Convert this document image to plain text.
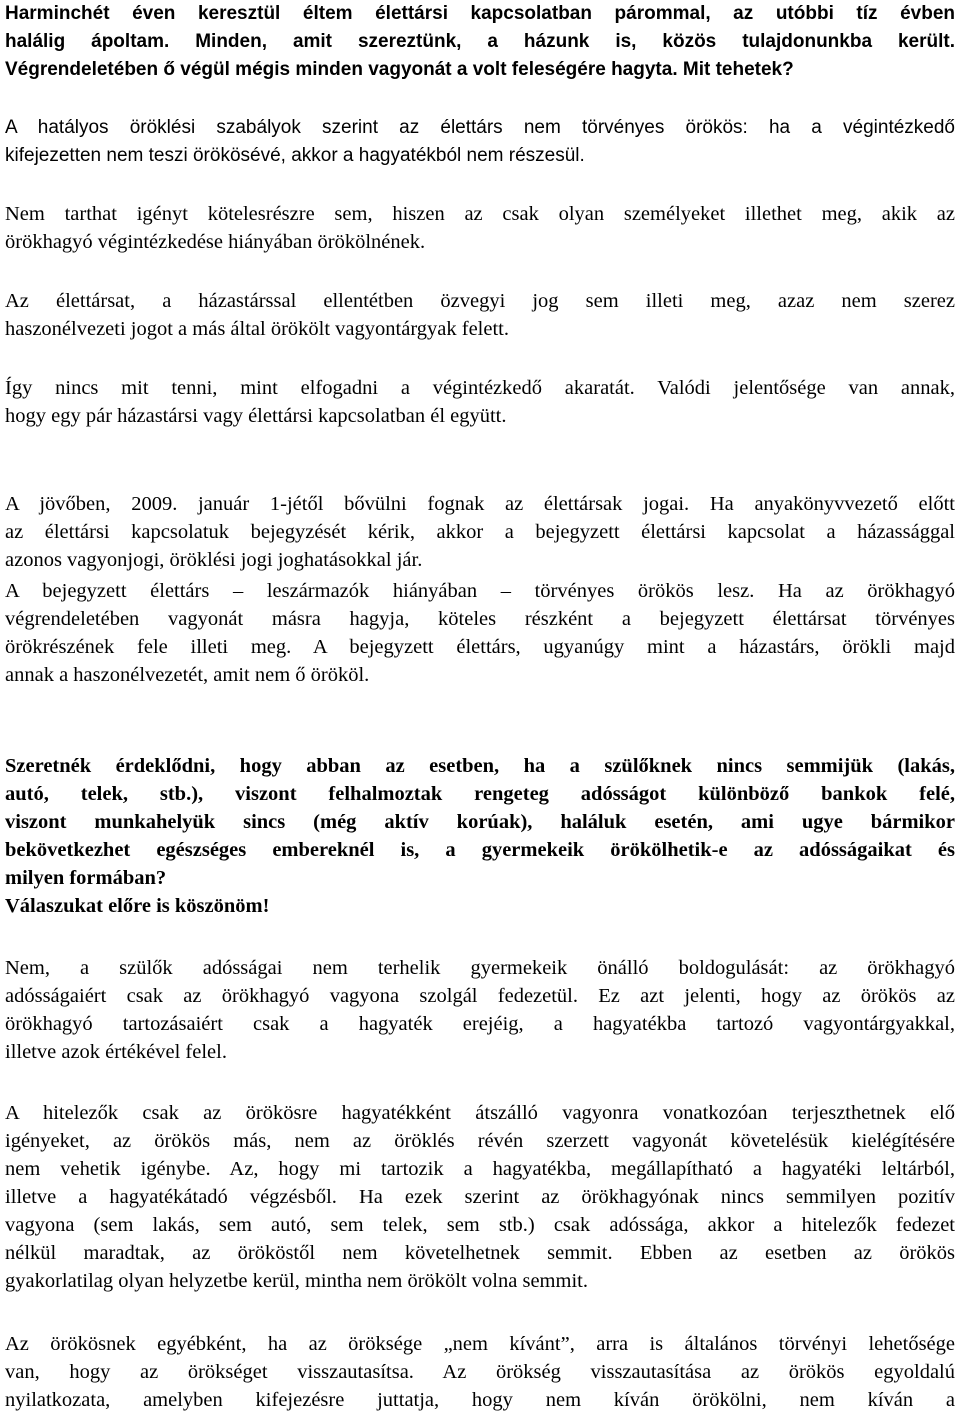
Harminchét éven keresztül éltem élettársi kapcsolatban párommal, az utóbbi tíz évben
halálig ápoltam. Minden, amit szereztünk, a házunk is, közös tulajdonunkba került.
Végrendeletében ő végül mégis minden vagyonát a volt feleségére hagyta. Mit tehetek?
A hatályos öröklési szabályok szerint az élettárs nem törvényes örökös: ha a végintézkedő
kifejezetten nem teszi örökösévé, akkor a hagyatékból nem részesül.
Nem tarthat igényt kötelesrészre sem, hiszen az csak olyan személyeket illethet meg, akik az
örökhagyó végintézkedése hiányában örökölnének.
Az élettársat, a házastárssal ellentétben özvegyi jog sem illeti meg, azaz nem szerez
haszonélvezeti jogot a más által örökölt vagyontárgyak felett.
Így nincs mit tenni, mint elfogadni a végintézkedő akaratát. Valódi jelentősége van annak,
hogy egy pár házastársi vagy élettársi kapcsolatban él együtt.
A jövőben, 2009. január 1-jétől bővülni fognak az élettársak jogai. Ha anyakönyvvezető előtt
az élettársi kapcsolatuk bejegyzését kérik, akkor a bejegyzett élettársi kapcsolat a házassággal
azonos vagyonjogi, öröklési jogi joghatásokkal jár.
A bejegyzett élettárs – leszármazók hiányában – törvényes örökös lesz. Ha az örökhagyó
végrendeletében vagyonát másra hagyja, köteles részként a bejegyzett élettársat törvényes
örökrészének fele illeti meg. A bejegyzett élettárs, ugyanúgy mint a házastárs, örökli majd
annak a haszonélvezetét, amit nem ő örököl.
Szeretnék érdeklődni, hogy abban az esetben, ha a szülőknek nincs semmijük (lakás,
autó, telek, stb.), viszont felhalmoztak rengeteg adósságot különböző bankok felé,
viszont munkahelyük sincs (még aktív korúak), haláluk esetén, ami ugye bármikor
bekövetkezhet egészséges embereknél is, a gyermekeik örökölhetik-e az adósságaikat és
milyen formában?
Válaszukat előre is köszönöm!
Nem, a szülők adósságai nem terhelik gyermekeik önálló boldogulását: az örökhagyó
adósságaiért csak az örökhagyó vagyona szolgál fedezetül. Ez azt jelenti, hogy az örökös az
örökhagyó tartozásaiért csak a hagyaték erejéig, a hagyatékba tartozó vagyontárgyakkal,
illetve azok értékével felel.
A hitelezők csak az örökösre hagyatékként átszálló vagyonra vonatkozóan terjeszthetnek elő
igényeket, az örökös más, nem az öröklés révén szerzett vagyonát követelésük kielégítésére
nem vehetik igénybe. Az, hogy mi tartozik a hagyatékba, megállapítható a hagyatéki leltárból,
illetve a hagyatékátadó végzésből. Ha ezek szerint az örökhagyónak nincs semmilyen pozitív
vagyona (sem lakás, sem autó, sem telek, sem stb.) csak adóssága, akkor a hitelezők fedezet
nélkül maradtak, az örököstől nem követelhetnek semmit. Ebben az esetben az örökös
gyakorlatilag olyan helyzetbe kerül, mintha nem örökölt volna semmit.
Az örökösnek egyébként, ha az öröksége „nem kívánt”, arra is általános törvényi lehetősége
van, hogy az örökséget visszautasítsa. Az örökség visszautasítása az örökös egyoldalú
nyilatkozata, amelyben kifejezésre juttatja, hogy nem kíván örökölni, nem kíván a
